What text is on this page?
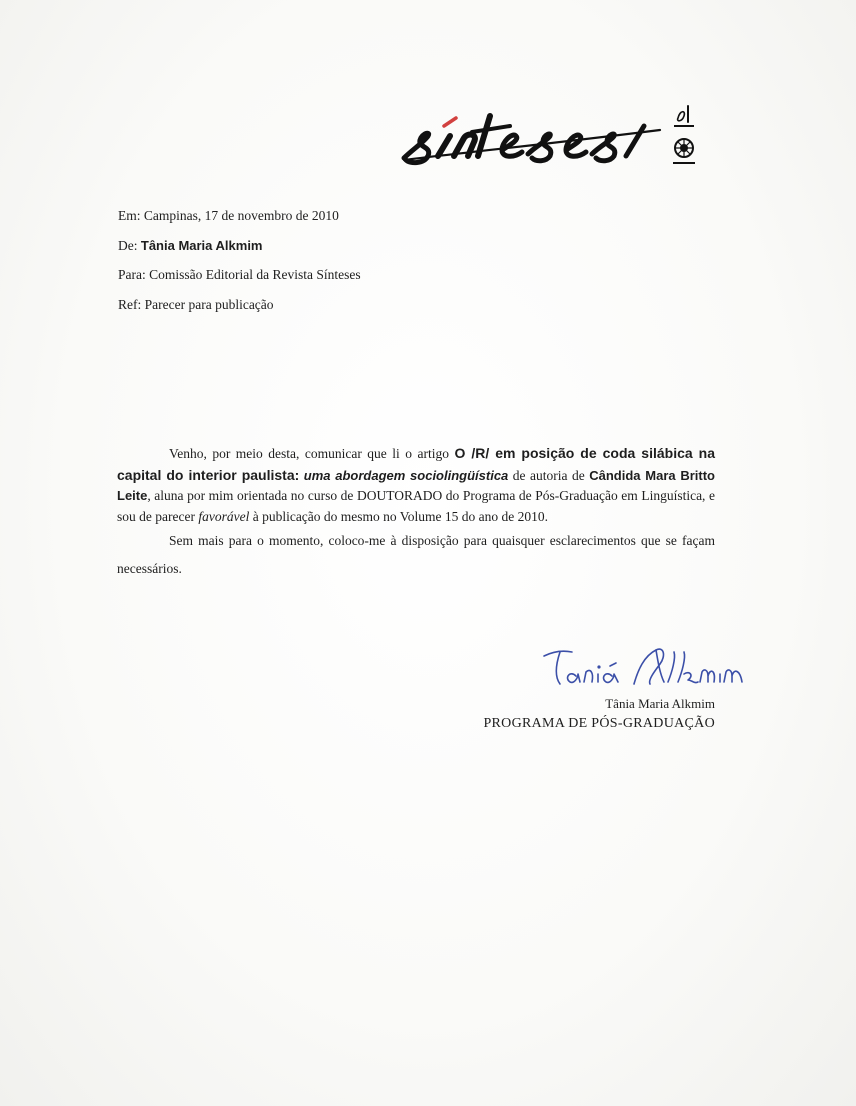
Em: Campinas, 17 de novembro de 2010
De: Tânia Maria Alkmim
Para: Comissão Editorial da Revista Sínteses
Ref: Parecer para publicação

Venho, por meio desta, comunicar que li o artigo O /R/ em posição de coda silábica na capital do interior paulista: uma abordagem sociolingüística de autoria de Cândida Mara Britto Leite, aluna por mim orientada no curso de DOUTORADO do Programa de Pós-Graduação em Linguística, e sou de parecer favorável à publicação do mesmo no Volume 15 do ano de 2010.

Sem mais para o momento, coloco-me à disposição para quaisquer esclarecimentos que se façam necessários.

Tânia Maria Alkmim
PROGRAMA DE PÓS-GRADUAÇÃO
